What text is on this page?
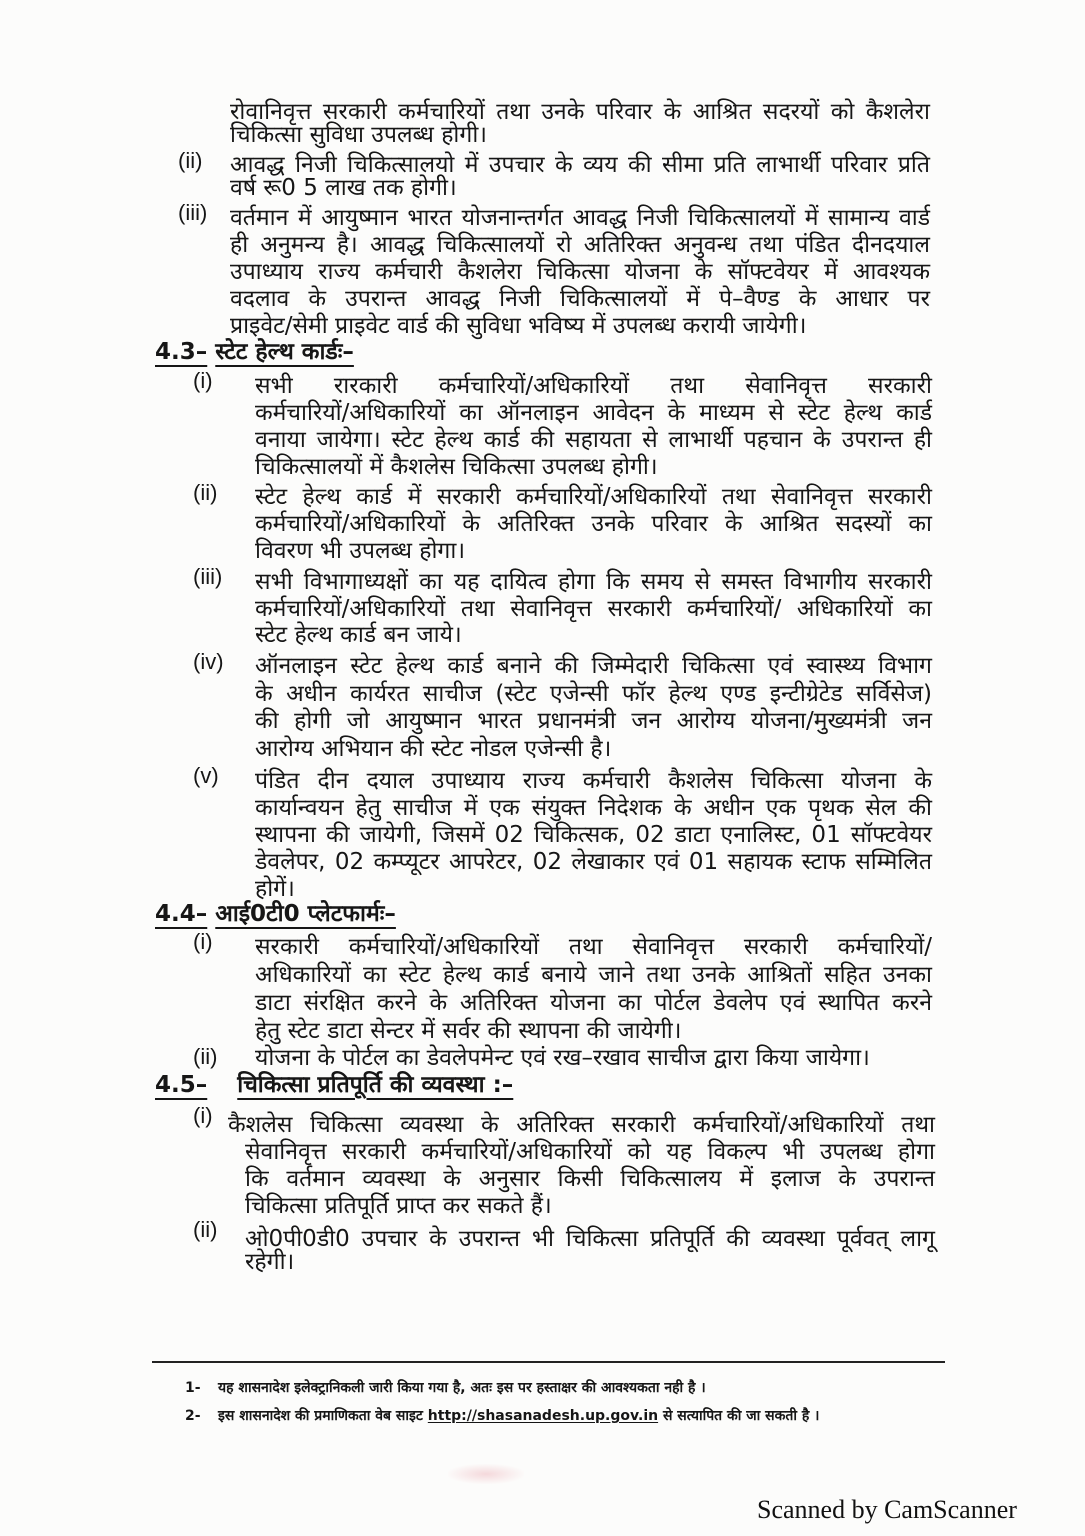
रोवानिवृत्त सरकारी कर्मचारियों तथा उनके परिवार के आश्रित सदरयों को कैशलेरा
चिकित्सा सुविधा उपलब्ध होगी।
(ii) आवद्ध निजी चिकित्सालयो में उपचार के व्यय की सीमा प्रति लाभार्थी परिवार प्रति
वर्ष रू0 5 लाख तक होगी।
(iii) वर्तमान में आयुष्मान भारत योजनान्तर्गत आवद्ध निजी चिकित्सालयों में सामान्य वार्ड
ही अनुमन्य है। आवद्ध चिकित्सालयों रो अतिरिक्त अनुवन्ध तथा पंडित दीनदयाल
उपाध्याय राज्य कर्मचारी कैशलेरा चिकित्सा योजना के सॉफ्टवेयर में आवश्यक
वदलाव के उपरान्त आवद्ध निजी चिकित्सालयों में पे–वैण्ड के आधार पर
प्राइवेट/सेमी प्राइवेट वार्ड की सुविधा भविष्य में उपलब्ध करायी जायेगी।
4.3– स्टेट हेल्थ कार्डः–
(i) सभी रारकारी कर्मचारियों/अधिकारियों तथा सेवानिवृत्त सरकारी
कर्मचारियों/अधिकारियों का ऑनलाइन आवेदन के माध्यम से स्टेट हेल्थ कार्ड
वनाया जायेगा। स्टेट हेल्थ कार्ड की सहायता से लाभार्थी पहचान के उपरान्त ही
चिकित्सालयों में कैशलेस चिकित्सा उपलब्ध होगी।
(ii) स्टेट हेल्थ कार्ड में सरकारी कर्मचारियों/अधिकारियों तथा सेवानिवृत्त सरकारी
कर्मचारियों/अधिकारियों के अतिरिक्त उनके परिवार के आश्रित सदस्यों का
विवरण भी उपलब्ध होगा।
(iii) सभी विभागाध्यक्षों का यह दायित्व होगा कि समय से समस्त विभागीय सरकारी
कर्मचारियों/अधिकारियों तथा सेवानिवृत्त सरकारी कर्मचारियों/ अधिकारियों का
स्टेट हेल्थ कार्ड बन जाये।
(iv) ऑनलाइन स्टेट हेल्थ कार्ड बनाने की जिम्मेदारी चिकित्सा एवं स्वास्थ्य विभाग
के अधीन कार्यरत साचीज (स्टेट एजेन्सी फॉर हेल्थ एण्ड इन्टीग्रेटेड सर्विसेज)
की होगी जो आयुष्मान भारत प्रधानमंत्री जन आरोग्य योजना/मुख्यमंत्री जन
आरोग्य अभियान की स्टेट नोडल एजेन्सी है।
(v) पंडित दीन दयाल उपाध्याय राज्य कर्मचारी कैशलेस चिकित्सा योजना के
कार्यान्वयन हेतु साचीज में एक संयुक्त निदेशक के अधीन एक पृथक सेल की
स्थापना की जायेगी, जिसमें 02 चिकित्सक, 02 डाटा एनालिस्ट, 01 सॉफ्टवेयर
डेवलेपर, 02 कम्प्यूटर आपरेटर, 02 लेखाकार एवं 01 सहायक स्टाफ सम्मिलित
होगें।
4.4– आई0टी0 प्लेटफार्मः–
(i) सरकारी कर्मचारियों/अधिकारियों तथा सेवानिवृत्त सरकारी कर्मचारियों/
अधिकारियों का स्टेट हेल्थ कार्ड बनाये जाने तथा उनके आश्रितों सहित उनका
डाटा संरक्षित करने के अतिरिक्त योजना का पोर्टल डेवलेप एवं स्थापित करने
हेतु स्टेट डाटा सेन्टर में सर्वर की स्थापना की जायेगी।
(ii) योजना के पोर्टल का डेवलेपमेन्ट एवं रख–रखाव साचीज द्वारा किया जायेगा।
4.5– चिकित्सा प्रतिपूर्ति की व्यवस्था :–
(i) कैशलेस चिकित्सा व्यवस्था के अतिरिक्त सरकारी कर्मचारियों/अधिकारियों तथा
सेवानिवृत्त सरकारी कर्मचारियों/अधिकारियों को यह विकल्प भी उपलब्ध होगा
कि वर्तमान व्यवस्था के अनुसार किसी चिकित्सालय में इलाज के उपरान्त
चिकित्सा प्रतिपूर्ति प्राप्त कर सकते हैं।
(ii) ओ0पी0डी0 उपचार के उपरान्त भी चिकित्सा प्रतिपूर्ति की व्यवस्था पूर्ववत् लागू
रहेगी।
1- यह शासनादेश इलेक्ट्रानिकली जारी किया गया है, अतः इस पर हस्ताक्षर की आवश्यकता नही है ।
2- इस शासनादेश की प्रमाणिकता वेब साइट http://shasanadesh.up.gov.in से सत्यापित की जा सकती है ।
Scanned by CamScanner
